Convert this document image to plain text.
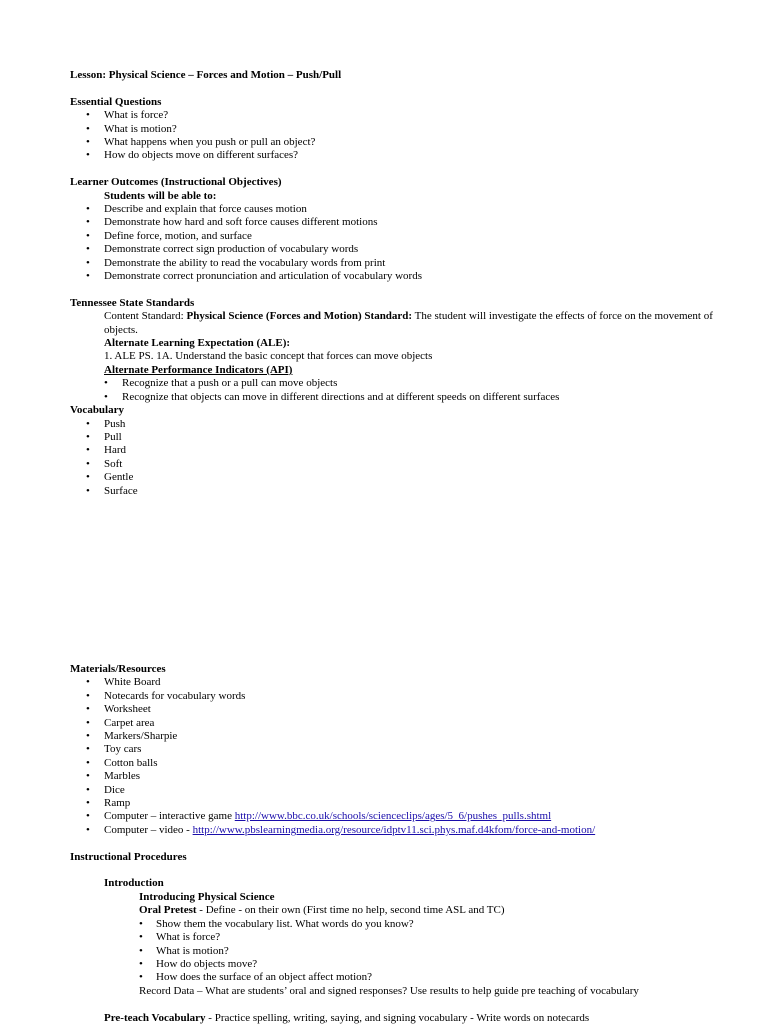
Lesson: Physical Science – Forces and Motion – Push/Pull
Essential Questions
• What is force?
• What is motion?
• What happens when you push or pull an object?
• How do objects move on different surfaces?
Learner Outcomes (Instructional Objectives)
Students will be able to:
• Describe and explain that force causes motion
• Demonstrate how hard and soft force causes different motions
• Define force, motion, and surface
• Demonstrate correct sign production of vocabulary words
• Demonstrate the ability to read the vocabulary words from print
• Demonstrate correct pronunciation and articulation of vocabulary words
Tennessee State Standards
Content Standard: Physical Science (Forces and Motion) Standard: The student will investigate the effects of force on the movement of objects.
Alternate Learning Expectation (ALE):
1. ALE PS. 1A. Understand the basic concept that forces can move objects
Alternate Performance Indicators (API)
• Recognize that a push or a pull can move objects
• Recognize that objects can move in different directions and at different speeds on different surfaces
Vocabulary
• Push
• Pull
• Hard
• Soft
• Gentle
• Surface
Materials/Resources
• White Board
• Notecards for vocabulary words
• Worksheet
• Carpet area
• Markers/Sharpie
• Toy cars
• Cotton balls
• Marbles
• Dice
• Ramp
• Computer – interactive game http://www.bbc.co.uk/schools/scienceclips/ages/5_6/pushes_pulls.shtml
• Computer – video - http://www.pbslearningmedia.org/resource/idptv11.sci.phys.maf.d4kfom/force-and-motion/
Instructional Procedures
Introduction
Introducing Physical Science
Oral Pretest - Define - on their own (First time no help, second time ASL and TC)
• Show them the vocabulary list. What words do you know?
• What is force?
• What is motion?
• How do objects move?
• How does the surface of an object affect motion?
Record Data – What are students’ oral and signed responses? Use results to help guide pre teaching of vocabulary
Pre-teach Vocabulary - Practice spelling, writing, saying, and signing vocabulary - Write words on notecards
